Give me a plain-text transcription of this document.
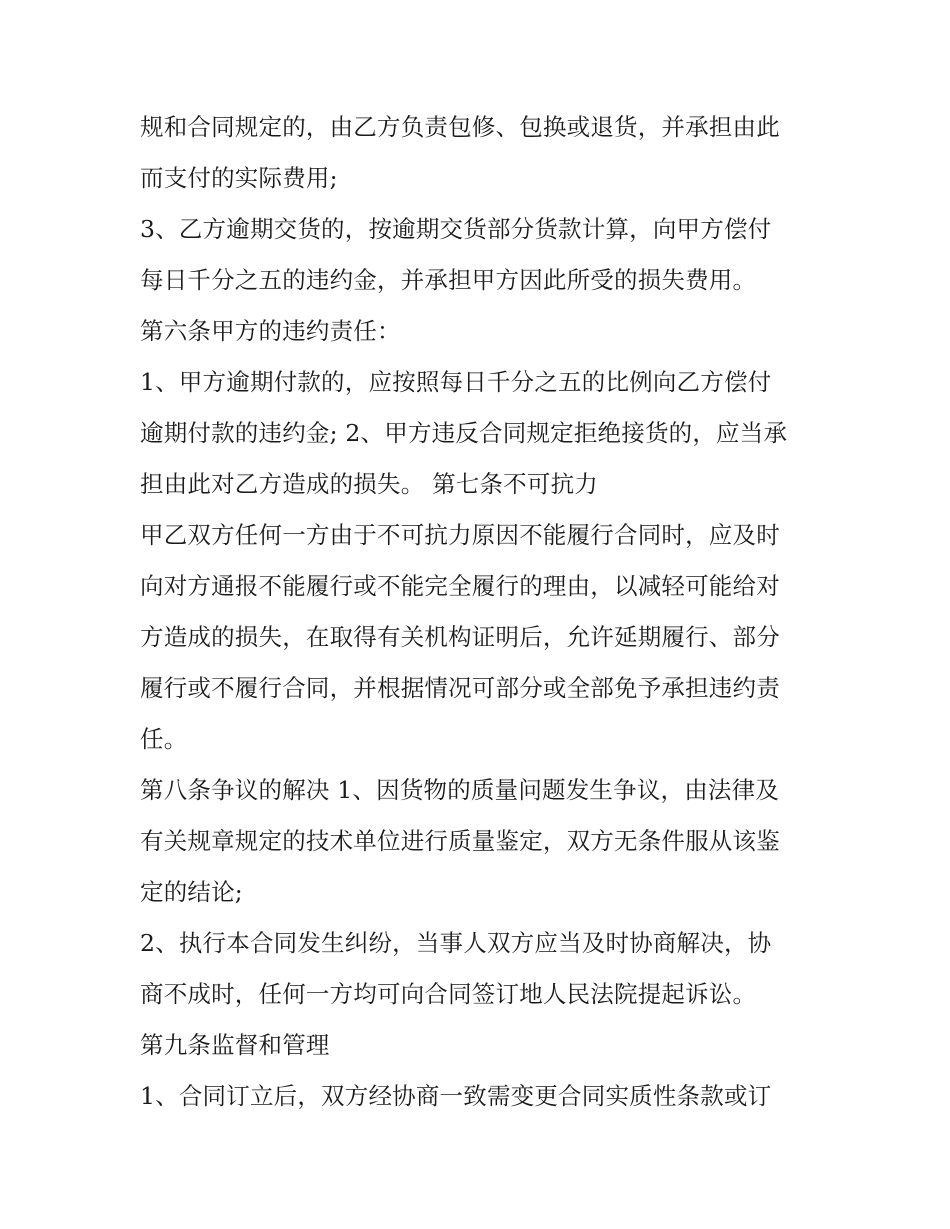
规和合同规定的，由乙方负责包修、包换或退货，并承担由此
而支付的实际费用;
3、乙方逾期交货的，按逾期交货部分货款计算，向甲方偿付
每日千分之五的违约金，并承担甲方因此所受的损失费用。
第六条甲方的违约责任：
1、甲方逾期付款的，应按照每日千分之五的比例向乙方偿付
逾期付款的违约金; 2、甲方违反合同规定拒绝接货的，应当承
担由此对乙方造成的损失。 第七条不可抗力
甲乙双方任何一方由于不可抗力原因不能履行合同时，应及时
向对方通报不能履行或不能完全履行的理由，以减轻可能给对
方造成的损失，在取得有关机构证明后，允许延期履行、部分
履行或不履行合同，并根据情况可部分或全部免予承担违约责
任。
第八条争议的解决 1、因货物的质量问题发生争议，由法律及
有关规章规定的技术单位进行质量鉴定，双方无条件服从该鉴
定的结论;
2、执行本合同发生纠纷，当事人双方应当及时协商解决，协
商不成时，任何一方均可向合同签订地人民法院提起诉讼。
第九条监督和管理
1、合同订立后，双方经协商一致需变更合同实质性条款或订
